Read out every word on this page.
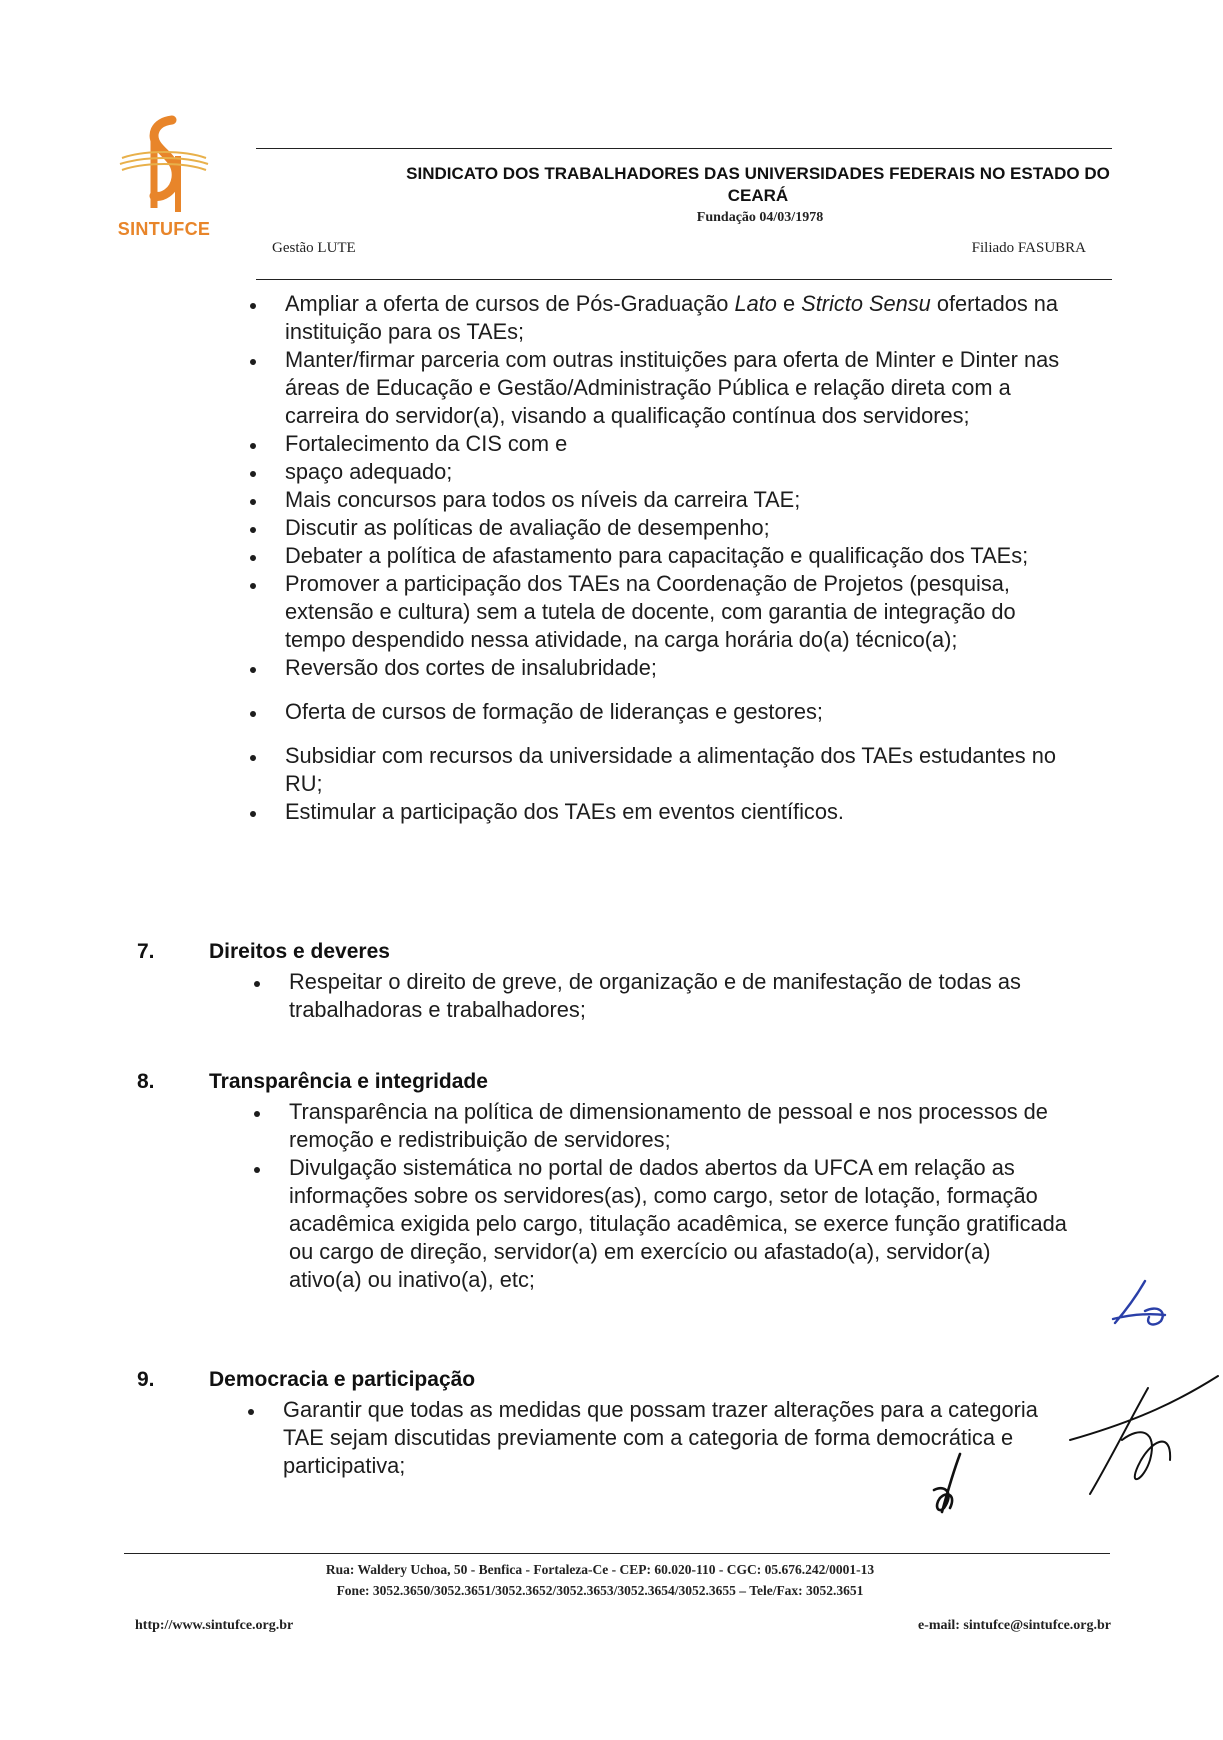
SINTUFCE
SINDICATO DOS TRABALHADORES DAS UNIVERSIDADES FEDERAIS NO ESTADO DO CEARÁ
Fundação 04/03/1978
Gestão LUTE	Filiado FASUBRA
Ampliar a oferta de cursos de Pós-Graduação Lato e Stricto Sensu ofertados na instituição para os TAEs;
Manter/firmar parceria com outras instituições para oferta de Minter e Dinter nas áreas de Educação e Gestão/Administração Pública e relação direta com a carreira do servidor(a), visando a qualificação contínua dos servidores;
Fortalecimento da CIS com e
spaço adequado;
Mais concursos para todos os níveis da carreira TAE;
Discutir as políticas de avaliação de desempenho;
Debater a política de afastamento para capacitação e qualificação dos TAEs;
Promover a participação dos TAEs na Coordenação de Projetos (pesquisa, extensão e cultura) sem a tutela de docente, com garantia de integração do tempo despendido nessa atividade, na carga horária do(a) técnico(a);
Reversão dos cortes de insalubridade;
Oferta de cursos de formação de lideranças e gestores;
Subsidiar com recursos da universidade a alimentação dos TAEs estudantes no RU;
Estimular a participação dos TAEs em eventos científicos.
7.	Direitos e deveres
Respeitar o direito de greve, de organização e de manifestação de todas as trabalhadoras e trabalhadores;
8.	Transparência e integridade
Transparência na política de dimensionamento de pessoal e nos processos de remoção e redistribuição de servidores;
Divulgação sistemática no portal de dados abertos da UFCA em relação as informações sobre os servidores(as), como cargo, setor de lotação, formação acadêmica exigida pelo cargo, titulação acadêmica, se exerce função gratificada ou cargo de direção, servidor(a) em exercício ou afastado(a), servidor(a) ativo(a) ou inativo(a), etc;
9.	Democracia e participação
Garantir que todas as medidas que possam trazer alterações para a categoria TAE sejam discutidas previamente com a categoria de forma democrática e participativa;
Rua: Waldery Uchoa, 50 - Benfica - Fortaleza-Ce - CEP: 60.020-110 - CGC: 05.676.242/0001-13
Fone: 3052.3650/3052.3651/3052.3652/3052.3653/3052.3654/3052.3655 – Tele/Fax: 3052.3651
http://www.sintufce.org.br	e-mail: sintufce@sintufce.org.br
